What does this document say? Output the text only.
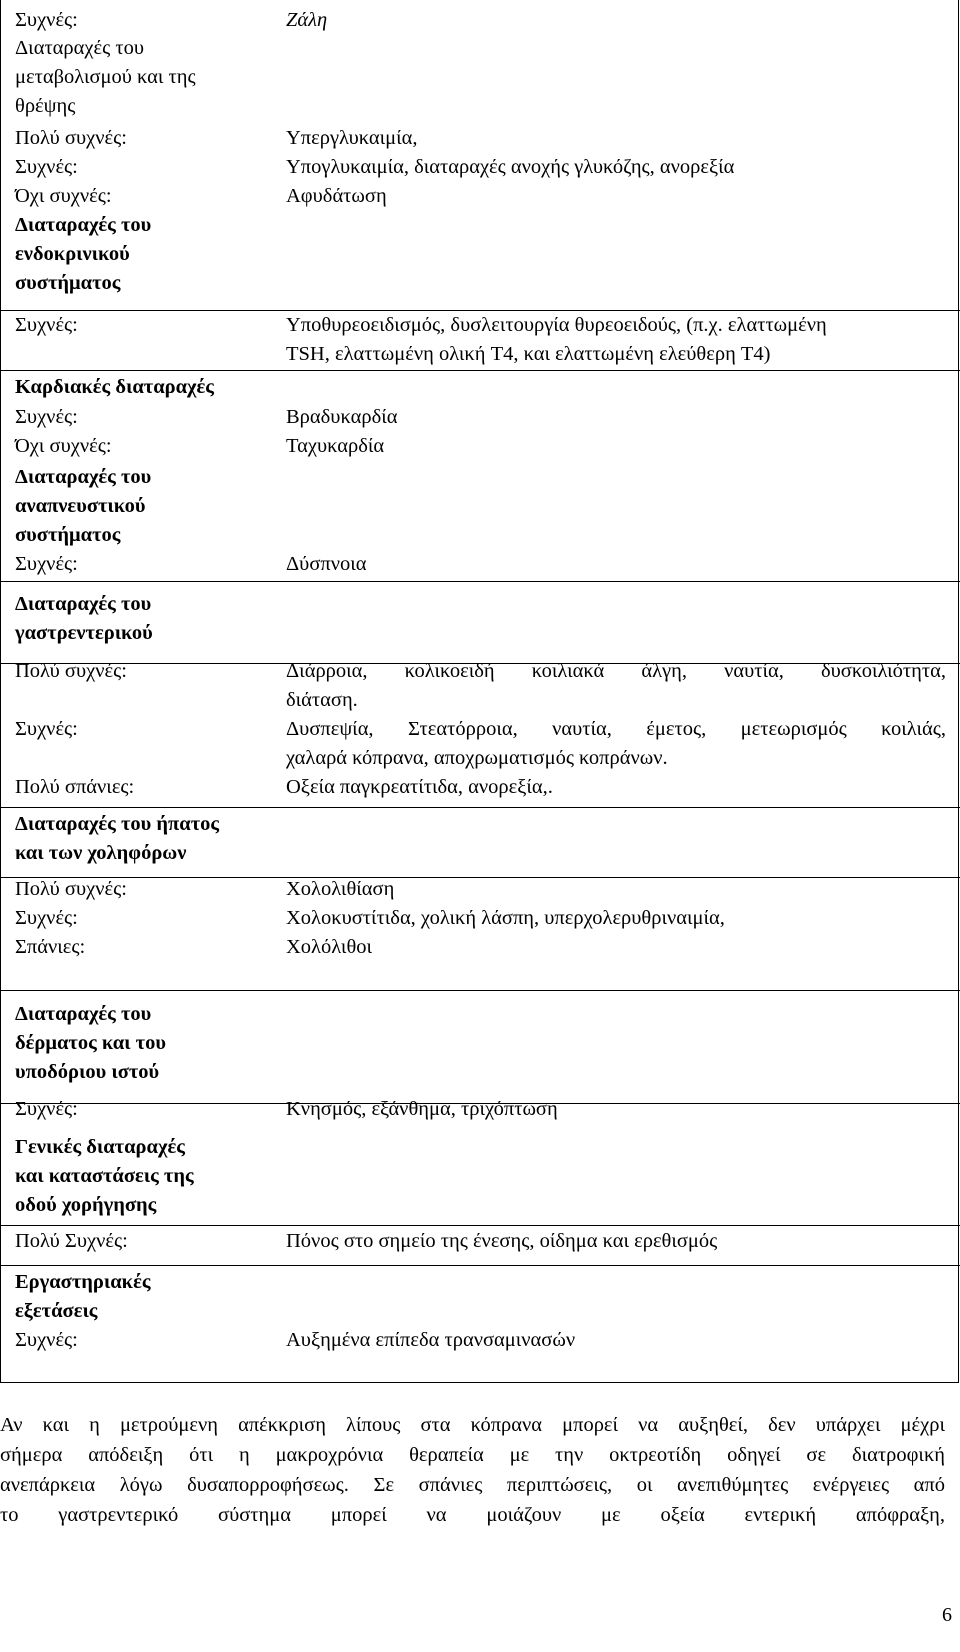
Συχνές:
Διαταραχές του
μεταβολισμού και της
θρέψης
Πολύ συχνές:
Συχνές:
Όχι συχνές:
Διαταραχές του
ενδοκρινικού
συστήματος
Συχνές:
Καρδιακές διαταραχές
Συχνές:
Όχι συχνές:
Διαταραχές του
αναπνευστικού
συστήματος
Συχνές:
Διαταραχές του
γαστρεντερικού
Πολύ συχνές:
Συχνές:
Πολύ σπάνιες:
Διαταραχές του ήπατος
και των χοληφόρων
Πολύ συχνές:
Συχνές:
Σπάνιες:
Διαταραχές του
δέρματος και του
υποδόριου ιστού
Συχνές:
Γενικές διαταραχές
και καταστάσεις της
οδού χορήγησης
Πολύ Συχνές:
Εργαστηριακές
εξετάσεις
Συχνές:
Ζάλη
Υπεργλυκαιμία,
Υπογλυκαιμία, διαταραχές ανοχής γλυκόζης, ανορεξία
Αφυδάτωση
Υποθυρεοειδισμός, δυσλειτουργία θυρεοειδούς, (π.χ. ελαττωμένη
TSH, ελαττωμένη ολική T4, και ελαττωμένη ελεύθερη T4)
Βραδυκαρδία
Ταχυκαρδία
Δύσπνοια
Διάρροια, κολικοειδή κοιλιακά άλγη, ναυτία, δυσκοιλιότητα,
διάταση.
Δυσπεψία, Στεατόρροια, ναυτία, έμετος, μετεωρισμός κοιλιάς,
χαλαρά κόπρανα, αποχρωματισμός κοπράνων.
Οξεία παγκρεατίτιδα, ανορεξία,.
Χολολιθίαση
Χολοκυστίτιδα, χολική λάσπη, υπερχολερυθριναιμία,
Χολόλιθοι
Κνησμός, εξάνθημα, τριχόπτωση
Πόνος στο σημείο της ένεσης, οίδημα και ερεθισμός
Αυξημένα επίπεδα τρανσαμινασών
Αν και η μετρούμενη απέκκριση λίπους στα κόπρανα μπορεί να αυξηθεί, δεν υπάρχει μέχρι
σήμερα απόδειξη ότι η μακροχρόνια θεραπεία με την οκτρεοτίδη οδηγεί σε διατροφική
ανεπάρκεια λόγω δυσαπορροφήσεως. Σε σπάνιες περιπτώσεις, οι ανεπιθύμητες ενέργειες από
το γαστρεντερικό σύστημα μπορεί να μοιάζουν με οξεία εντερική απόφραξη,
6
